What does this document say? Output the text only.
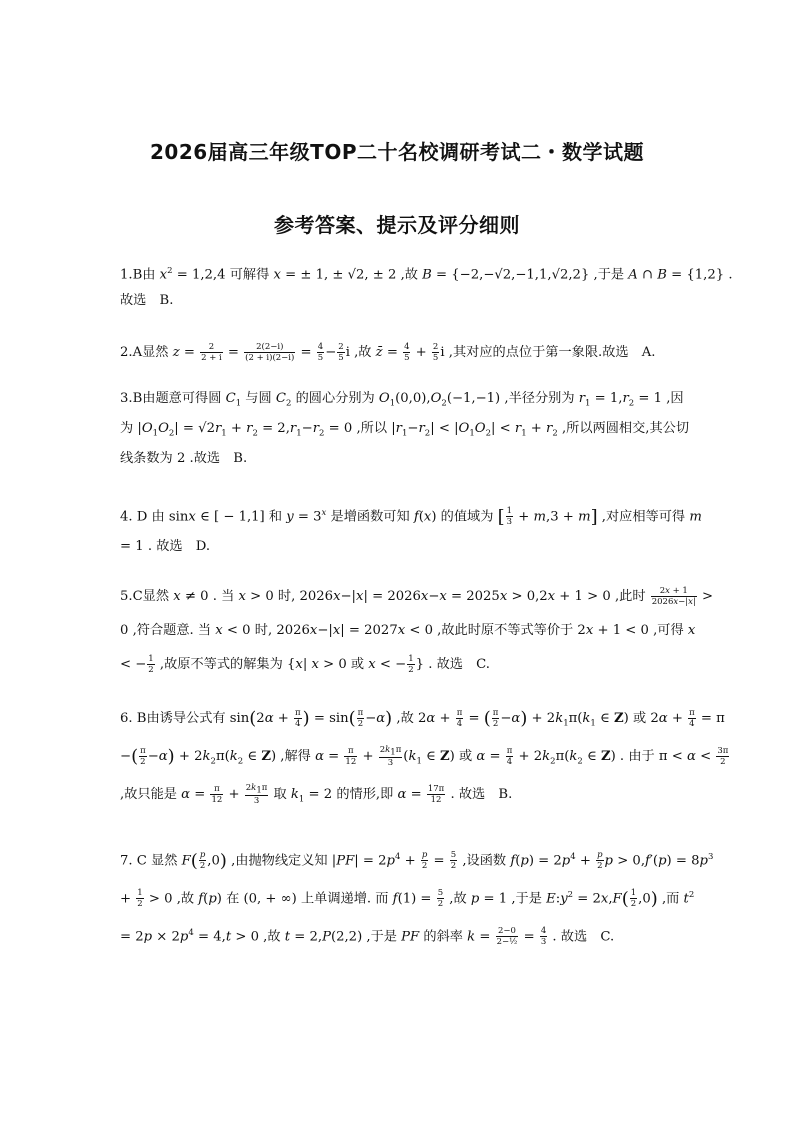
2026届高三年级TOP二十名校调研考试二・数学试题
参考答案、提示及评分细则
1.B由 $x^2 = 1,2,4$ 可解得 x = ± 1, ± √2, ± 2 ,故 B = {−2,−√2,−1,1,√2,2} ,于是 A ∩ B = {1,2} .
故选　B.
2.A显然 $z = \frac{2}{2 + i} = \frac{2(2-i)}{(2 + i)(2-i)} = \frac{4}{5} - \frac{2}{5}$ i ,故 z̄ = $\frac{4}{5} + \frac{2}{5}$ i ,其对应的点位于第一象限.故选　A.
3.B由题意可得圆 $C_1$ 与圆 $C_2$ 的圆心分别为 $O_1(0,0),O_2(-1,-1)$ ,半径分别为 $r_1 = 1,r_2 = 1$ ,因
为 $|O_1O_2| = √2r_1 + r_2 = 2,r_1-r_2 = 0$ ,所以 $|r_1-r_2| < |O_1O_2| < r_1 + r_2$ ,所以两圆相交,其公切
线条数为 2 .故选　B.
4. D 由 sinx ∈ [ − 1,1] 和 $y = 3^x$ 是增函数可知 f(x) 的值域为 [ $\frac{1}{3} + m,3 + m$] ,对应相等可得 m
= 1 . 故选　D.
5.C显然 x ≠ 0 . 当 x > 0 时, 2026x−|x| = 2026x−x = 2025x > 0,2x + 1 > 0 ,此时 $\frac{2x + 1}{2026x-|x|}$ >
0 ,符合题意. 当 x < 0 时, 2026x−|x| = 2027x < 0 ,故此时原不等式等价于 2x + 1 < 0 ,可得 x
< − $\frac{1}{2}$ ,故原不等式的解集为 {x| x > 0 或 x < − $\frac{1}{2}$ } . 故选　C.
6. B由诱导公式有 $\sin(2\alpha + \frac{\pi}{4}$ ) = $\sin( \frac{\pi}{2} -\alpha)$ ,故 $2\alpha + \frac{\pi}{4}$ = ( $\frac{\pi}{2} -\alpha) + 2k_1\pi(k_1$ ∈ Z) 或 $2\alpha + \frac{\pi}{4} = \pi$
−( $\frac{\pi}{2} -\alpha) + 2k_2\pi(k_2$ ∈ Z) ,解得 $\alpha = \frac{\pi}{12} + \frac{2k_1\pi}{3} (k_1$ ∈ Z) 或 $\alpha = \frac{\pi}{4} + 2k_2\pi(k_2$ ∈ Z) . 由于 $\pi < \alpha < \frac{3\pi}{2}$
,故只能是 $\alpha = \frac{\pi}{12} + \frac{2k_1\pi}{3}$ 取 $k_1 = 2$ 的情形,即 $\alpha = \frac{17\pi}{12}$ . 故选　B.
7. C 显然 $F( \frac{p}{2} ,0)$ ,由抛物线定义知 $|PF| = 2p^4 + \frac{p}{2} = \frac{5}{2}$ ,设函数 $f(p) = 2p^4 + \frac{p}{2}$ $p > 0,f'(p) = 8p^3$
+ $\frac{1}{2} > 0$ ,故 f(p) 在 (0, + ∞) 上单调递增. 而 $f(1) = \frac{5}{2}$ ,故 p = 1 ,于是 $E:y^2 = 2x,F( \frac{1}{2} ,0)$ ,而 $t^2$
= $2p \times 2p^4 = 4,t > 0$ ,故 t = 2,P(2,2) ,于是 PF 的斜率 $k = \frac{2-0}{\text{2−½}} = \frac{4}{3}$ . 故选　C.
